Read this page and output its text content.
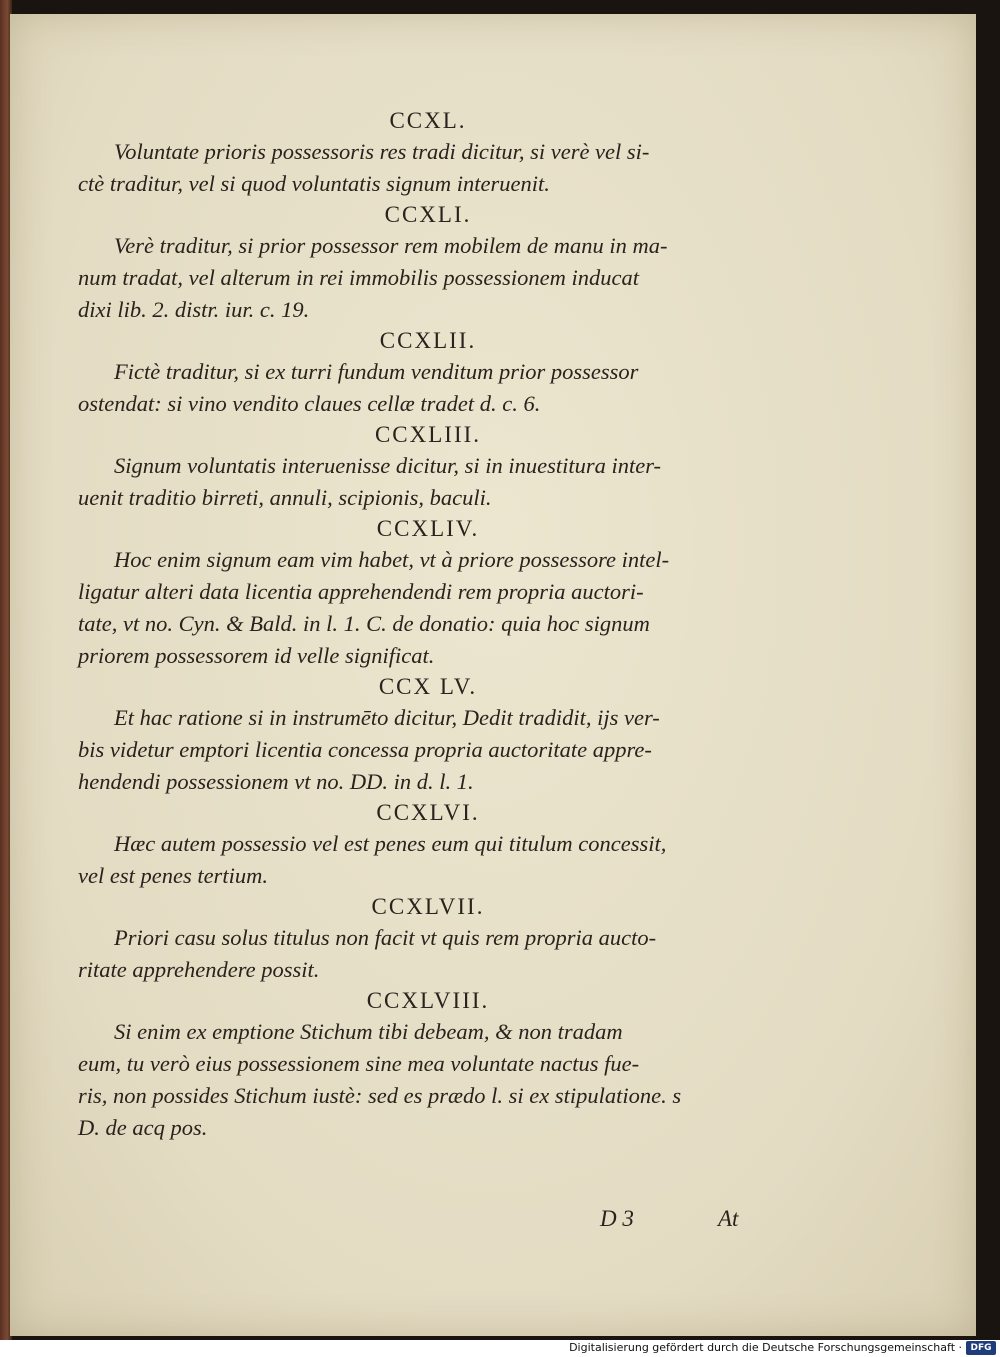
CCXL.

Voluntate prioris possessoris res tradi dicitur, si verè vel si-
ctè traditur, vel si quod voluntatis signum interuenit.

CCXLI.

Verè traditur, si prior possessor rem mobilem de manu in ma-
num tradat, vel alterum in rei immobilis possessionem inducat
dixi lib. 2. distr. iur. c. 19.

CCXLII.

Fictè traditur, si ex turri fundum venditum prior possessor
ostendat: si vino vendito claues cellæ tradet d. c. 6.

CCXLIII.

Signum voluntatis interuenisse dicitur, si in inuestitura inter-
uenit traditio birreti, annuli, scipionis, baculi.

CCXLIV.

Hoc enim signum eam vim habet, vt à priore possessore intel-
ligatur alteri data licentia apprehendendi rem propria auctori-
tate, vt no. Cyn. & Bald. in l. 1. C. de donatio: quia hoc signum
priorem possessorem id velle significat.

CCX LV.

Et hac ratione si in instrumēto dicitur, Dedit tradidit, ijs ver-
bis videtur emptori licentia concessa propria auctoritate appre-
hendendi possessionem vt no. DD. in d. l. 1.

CCXLVI.

Hæc autem possessio vel est penes eum qui titulum concessit,
vel est penes tertium.

CCXLVII.

Priori casu solus titulus non facit vt quis rem propria aucto-
ritate apprehendere possit.

CCXLVIII.

Si enim ex emptione Stichum tibi debeam, & non tradam
eum, tu verò eius possessionem sine mea voluntate nactus fue-
ris, non possides Stichum iustè: sed es prædo l. si ex stipulatione. s
D. de acq pos.

D 3	At
Digitalisierung gefördert durch die Deutsche Forschungsgemeinschaft · DFG
